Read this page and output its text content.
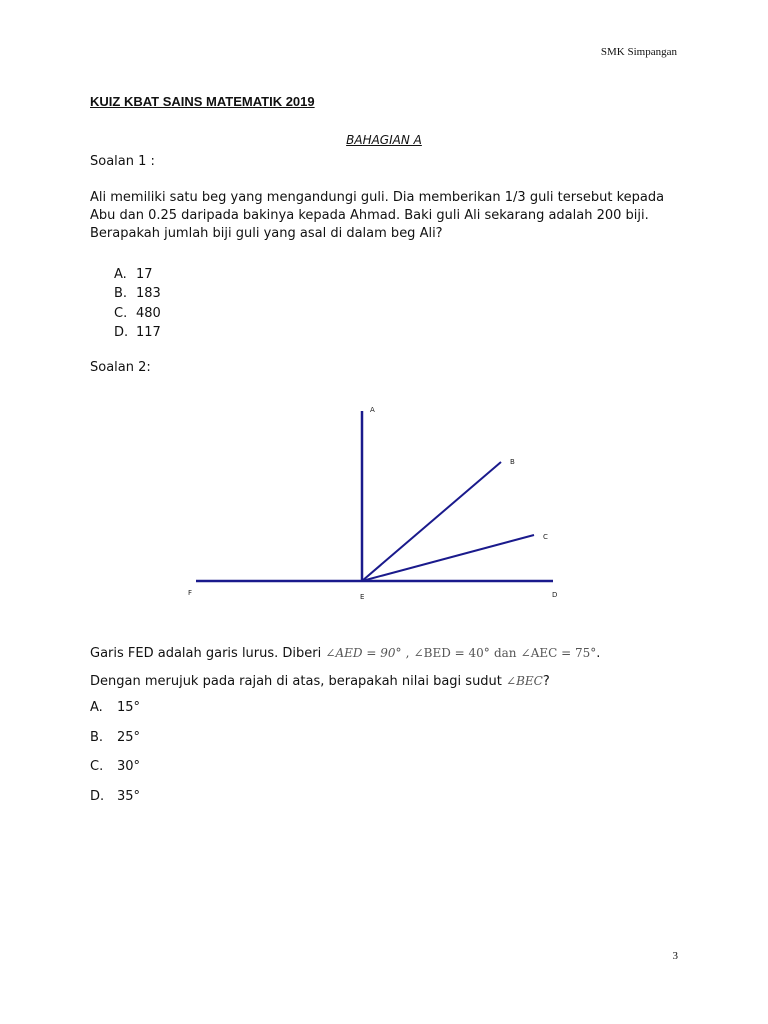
SMK Simpangan
KUIZ KBAT SAINS MATEMATIK 2019
BAHAGIAN A
Soalan 1 :
Ali memiliki satu beg yang mengandungi guli. Dia memberikan 1/3 guli tersebut kepada Abu dan 0.25 daripada bakinya kepada Ahmad. Baki guli Ali sekarang adalah 200 biji. Berapakah jumlah biji guli yang asal di dalam beg Ali?
A. 17
B. 183
C. 480
D. 117
Soalan 2:
A
B
C
D
E
F
Garis FED adalah garis lurus. Diberi ∠AED = 90° , ∠BED = 40° dan ∠AEC = 75°.
Dengan merujuk pada rajah di atas, berapakah nilai bagi sudut ∠BEC?
A. 15°
B. 25°
C. 30°
D. 35°
3
